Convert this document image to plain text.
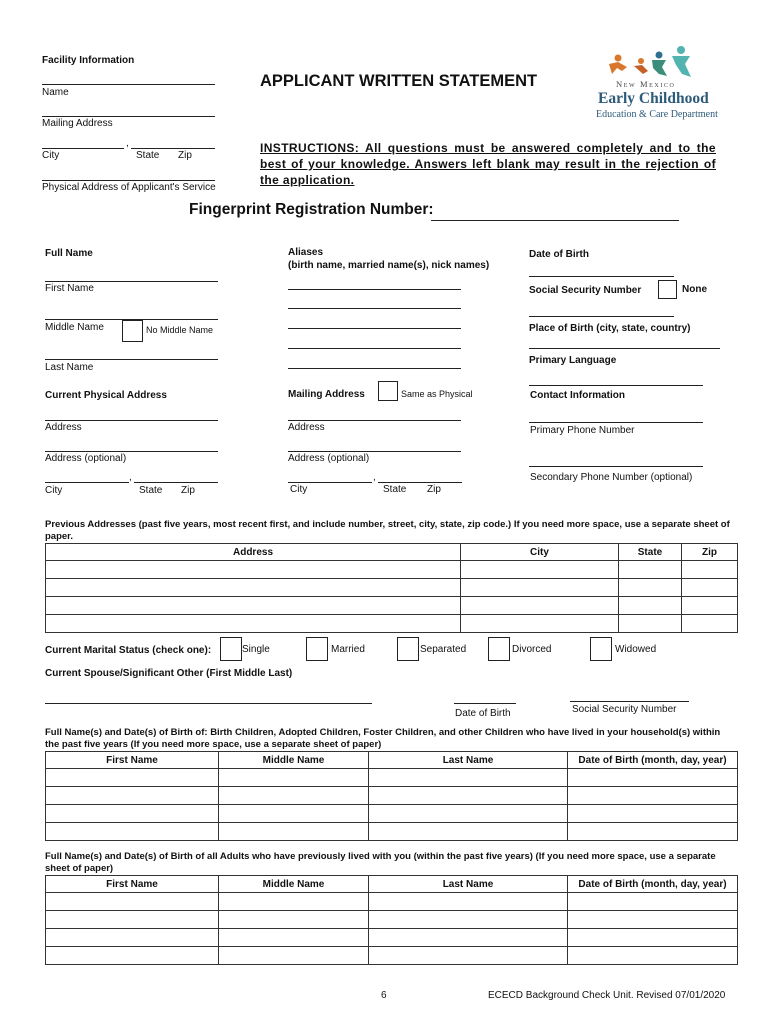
Facility Information
Name
Mailing Address
,
City	State Zip
Physical Address of Applicant's Service
APPLICANT WRITTEN STATEMENT	New Mexico
Early Childhood
Education & Care Department
INSTRUCTIONS: All questions must be answered completely and to the best of your knowledge. Answers left blank may result in the rejection of the application.
Fingerprint Registration Number:
Full Name
First Name
Middle Name	No Middle Name
Last Name
Current Physical Address
Address
Address (optional)
,
City	State Zip
Aliases
(birth name, married name(s), nick names)
Mailing Address	Same as Physical
Address
Address (optional)
,
City	State Zip
Date of Birth
Social Security Number	None
Place of Birth (city, state, country)
Primary Language
Contact Information
Primary Phone Number
Secondary Phone Number (optional)
Previous Addresses (past five years, most recent first, and include number, street, city, state, zip code.) If you need more space, use a separate sheet of paper.
Address	City	State	Zip

Current Marital Status (check one):	Single	Married	Separated	Divorced	Widowed
Current Spouse/Significant Other (First Middle Last)
Date of Birth	Social Security Number
Full Name(s) and Date(s) of Birth of: Birth Children, Adopted Children, Foster Children, and other Children who have lived in your household(s) within the past five years (If you need more space, use a separate sheet of paper)
First Name	Middle Name	Last Name	Date of Birth (month, day, year)

Full Name(s) and Date(s) of Birth of all Adults who have previously lived with you (within the past five years) (If you need more space, use a separate sheet of paper)
First Name	Middle Name	Last Name	Date of Birth (month, day, year)

6	ECECD Background Check Unit. Revised 07/01/2020
